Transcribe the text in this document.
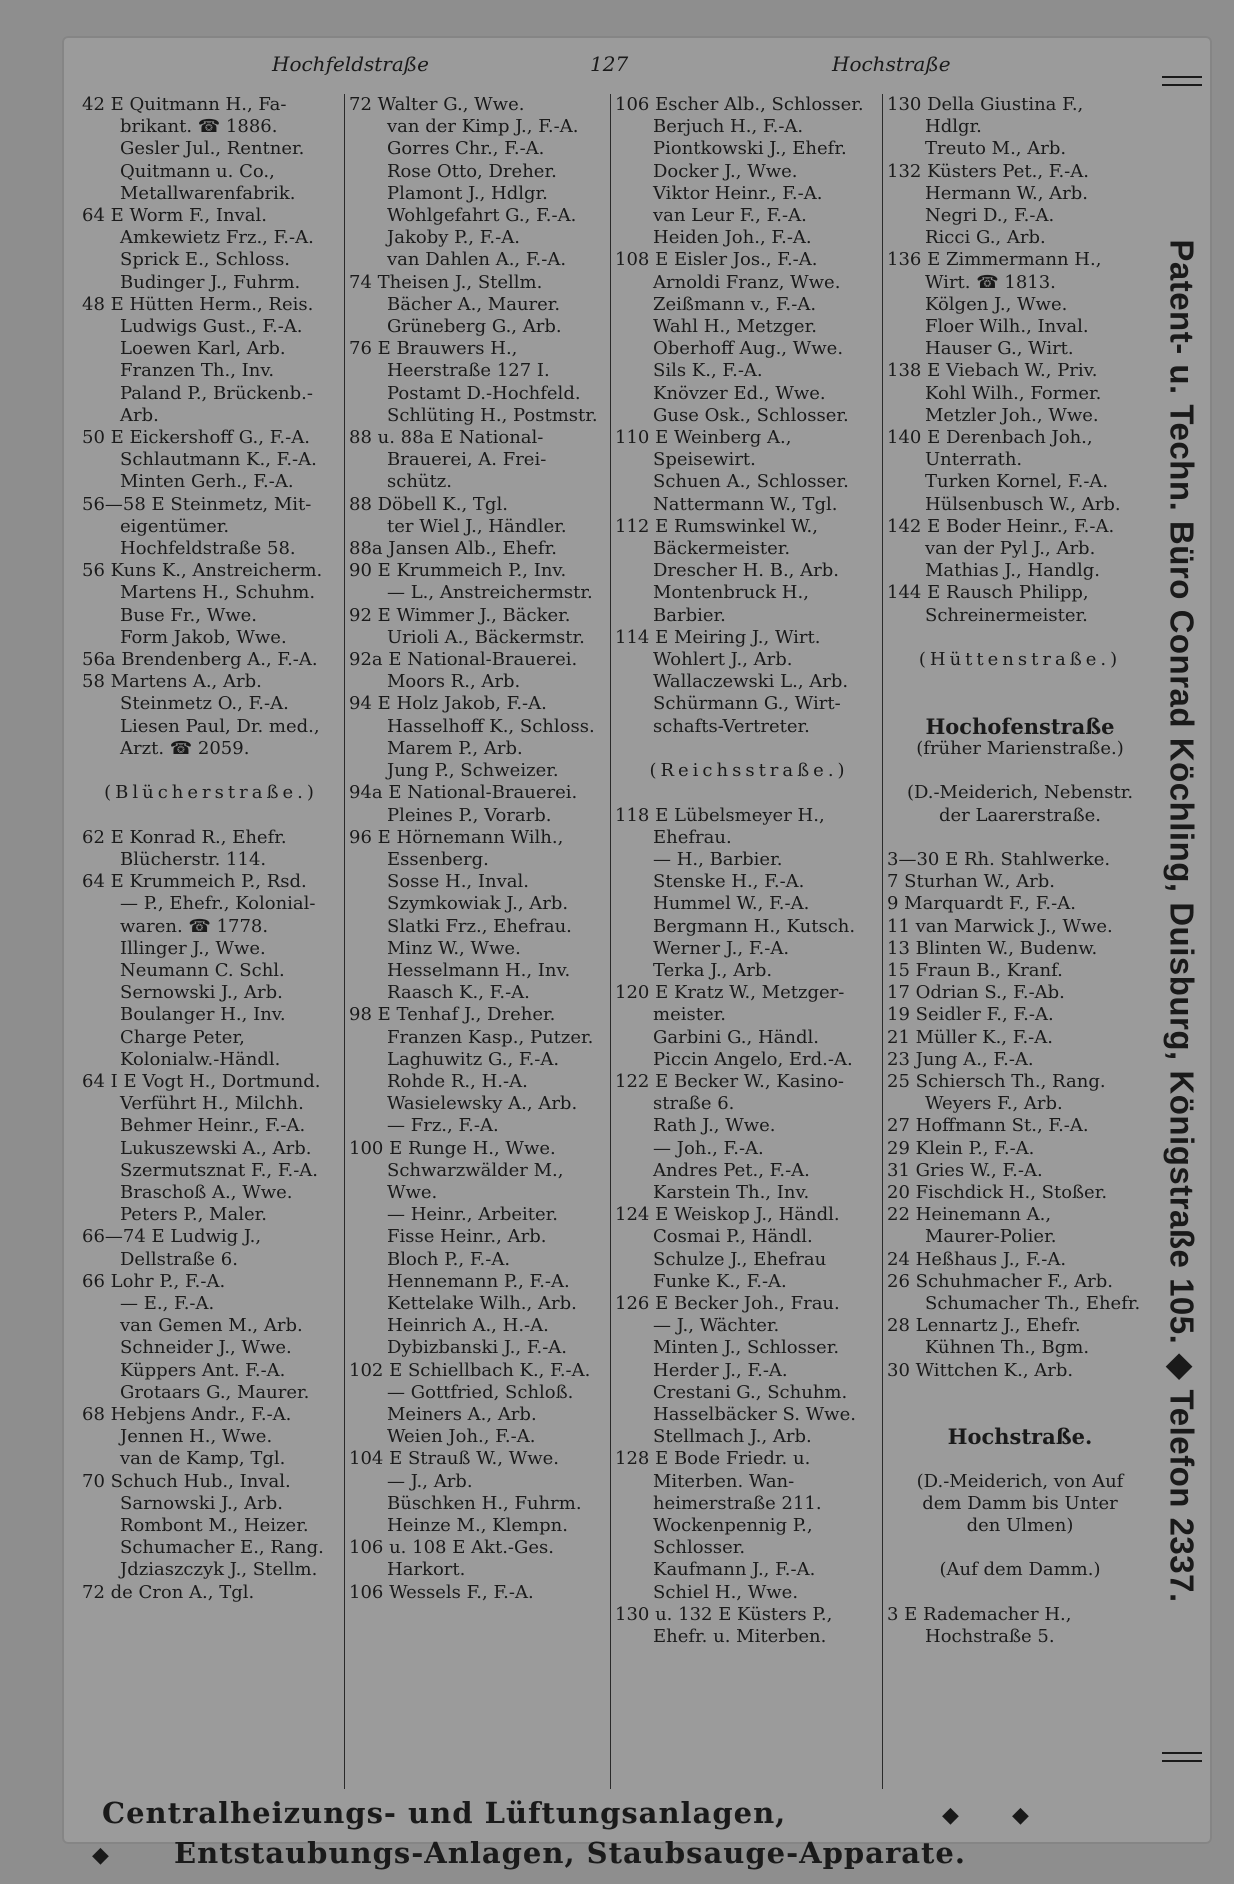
Hochfeldstraße	127	Hochstraße
42 E Quitmann H., Fa-
brikant. ☎ 1886.
Gesler Jul., Rentner.
Quitmann u. Co.,
Metallwarenfabrik.
64 E Worm F., Inval.
Amkewietz Frz., F.-A.
Sprick E., Schloss.
Budinger J., Fuhrm.
48 E Hütten Herm., Reis.
Ludwigs Gust., F.-A.
Loewen Karl, Arb.
Franzen Th., Inv.
Paland P., Brückenb.-
Arb.
50 E Eickershoff G., F.-A.
Schlautmann K., F.-A.
Minten Gerh., F.-A.
56—58 E Steinmetz, Mit-
eigentümer.
Hochfeldstraße 58.
56 Kuns K., Anstreicherm.
Martens H., Schuhm.
Buse Fr., Wwe.
Form Jakob, Wwe.
56a Brendenberg A., F.-A.
58 Martens A., Arb.
Steinmetz O., F.-A.
Liesen Paul, Dr. med.,
Arzt. ☎ 2059.

(Blücherstraße.)

62 E Konrad R., Ehefr.
Blücherstr. 114.
64 E Krummeich P., Rsd.
— P., Ehefr., Kolonial-
waren. ☎ 1778.
Illinger J., Wwe.
Neumann C. Schl.
Sernowski J., Arb.
Boulanger H., Inv.
Charge Peter,
Kolonialw.-Händl.
64 I E Vogt H., Dortmund.
Verführt H., Milchh.
Behmer Heinr., F.-A.
Lukuszewski A., Arb.
Szermutsznat F., F.-A.
Braschoß A., Wwe.
Peters P., Maler.
66—74 E Ludwig J.,
Dellstraße 6.
66 Lohr P., F.-A.
— E., F.-A.
van Gemen M., Arb.
Schneider J., Wwe.
Küppers Ant. F.-A.
Grotaars G., Maurer.
68 Hebjens Andr., F.-A.
Jennen H., Wwe.
van de Kamp, Tgl.
70 Schuch Hub., Inval.
Sarnowski J., Arb.
Rombont M., Heizer.
Schumacher E., Rang.
Jdziaszczyk J., Stellm.
72 de Cron A., Tgl.
72 Walter G., Wwe.
van der Kimp J., F.-A.
Gorres Chr., F.-A.
Rose Otto, Dreher.
Plamont J., Hdlgr.
Wohlgefahrt G., F.-A.
Jakoby P., F.-A.
van Dahlen A., F.-A.
74 Theisen J., Stellm.
Bächer A., Maurer.
Grüneberg G., Arb.
76 E Brauwers H.,
Heerstraße 127 I.
Postamt D.-Hochfeld.
Schlüting H., Postmstr.
88 u. 88a E National-
Brauerei, A. Frei-
schütz.
88 Döbell K., Tgl.
ter Wiel J., Händler.
88a Jansen Alb., Ehefr.
90 E Krummeich P., Inv.
— L., Anstreichermstr.
92 E Wimmer J., Bäcker.
Urioli A., Bäckermstr.
92a E National-Brauerei.
Moors R., Arb.
94 E Holz Jakob, F.-A.
Hasselhoff K., Schloss.
Marem P., Arb.
Jung P., Schweizer.
94a E National-Brauerei.
Pleines P., Vorarb.
96 E Hörnemann Wilh.,
Essenberg.
Sosse H., Inval.
Szymkowiak J., Arb.
Slatki Frz., Ehefrau.
Minz W., Wwe.
Hesselmann H., Inv.
Raasch K., F.-A.
98 E Tenhaf J., Dreher.
Franzen Kasp., Putzer.
Laghuwitz G., F.-A.
Rohde R., H.-A.
Wasielewsky A., Arb.
— Frz., F.-A.
100 E Runge H., Wwe.
Schwarzwälder M.,
Wwe.
— Heinr., Arbeiter.
Fisse Heinr., Arb.
Bloch P., F.-A.
Hennemann P., F.-A.
Kettelake Wilh., Arb.
Heinrich A., H.-A.
Dybizbanski J., F.-A.
102 E Schiellbach K., F.-A.
— Gottfried, Schloß.
Meiners A., Arb.
Weien Joh., F.-A.
104 E Strauß W., Wwe.
— J., Arb.
Büschken H., Fuhrm.
Heinze M., Klempn.
106 u. 108 E Akt.-Ges.
Harkort.
106 Wessels F., F.-A.
106 Escher Alb., Schlosser.
Berjuch H., F.-A.
Piontkowski J., Ehefr.
Docker J., Wwe.
Viktor Heinr., F.-A.
van Leur F., F.-A.
Heiden Joh., F.-A.
108 E Eisler Jos., F.-A.
Arnoldi Franz, Wwe.
Zeißmann v., F.-A.
Wahl H., Metzger.
Oberhoff Aug., Wwe.
Sils K., F.-A.
Knövzer Ed., Wwe.
Guse Osk., Schlosser.
110 E Weinberg A.,
Speisewirt.
Schuen A., Schlosser.
Nattermann W., Tgl.
112 E Rumswinkel W.,
Bäckermeister.
Drescher H. B., Arb.
Montenbruck H.,
Barbier.
114 E Meiring J., Wirt.
Wohlert J., Arb.
Wallaczewski L., Arb.
Schürmann G., Wirt-
schafts-Vertreter.

(Reichsstraße.)

118 E Lübelsmeyer H.,
Ehefrau.
— H., Barbier.
Stenske H., F.-A.
Hummel W., F.-A.
Bergmann H., Kutsch.
Werner J., F.-A.
Terka J., Arb.
120 E Kratz W., Metzger-
meister.
Garbini G., Händl.
Piccin Angelo, Erd.-A.
122 E Becker W., Kasino-
straße 6.
Rath J., Wwe.
— Joh., F.-A.
Andres Pet., F.-A.
Karstein Th., Inv.
124 E Weiskop J., Händl.
Cosmai P., Händl.
Schulze J., Ehefrau
Funke K., F.-A.
126 E Becker Joh., Frau.
— J., Wächter.
Minten J., Schlosser.
Herder J., F.-A.
Crestani G., Schuhm.
Hasselbäcker S. Wwe.
Stellmach J., Arb.
128 E Bode Friedr. u.
Miterben. Wan-
heimerstraße 211.
Wockenpennig P.,
Schlosser.
Kaufmann J., F.-A.
Schiel H., Wwe.
130 u. 132 E Küsters P.,
Ehefr. u. Miterben.
130 Della Giustina F.,
Hdlgr.
Treuto M., Arb.
132 Küsters Pet., F.-A.
Hermann W., Arb.
Negri D., F.-A.
Ricci G., Arb.
136 E Zimmermann H.,
Wirt. ☎ 1813.
Kölgen J., Wwe.
Floer Wilh., Inval.
Hauser G., Wirt.
138 E Viebach W., Priv.
Kohl Wilh., Former.
Metzler Joh., Wwe.
140 E Derenbach Joh.,
Unterrath.
Turken Kornel, F.-A.
Hülsenbusch W., Arb.
142 E Boder Heinr., F.-A.
van der Pyl J., Arb.
Mathias J., Handlg.
144 E Rausch Philipp,
Schreinermeister.

(Hüttenstraße.)

Hochofenstraße
(früher Marienstraße.)

(D.-Meiderich, Nebenstr.
der Laarerstraße.

3—30 E Rh. Stahlwerke.
7 Sturhan W., Arb.
9 Marquardt F., F.-A.
11 van Marwick J., Wwe.
13 Blinten W., Budenw.
15 Fraun B., Kranf.
17 Odrian S., F.-Ab.
19 Seidler F., F.-A.
21 Müller K., F.-A.
23 Jung A., F.-A.
25 Schiersch Th., Rang.
Weyers F., Arb.
27 Hoffmann St., F.-A.
29 Klein P., F.-A.
31 Gries W., F.-A.
20 Fischdick H., Stoßer.
22 Heinemann A.,
Maurer-Polier.
24 Heßhaus J., F.-A.
26 Schuhmacher F., Arb.
Schumacher Th., Ehefr.
28 Lennartz J., Ehefr.
Kühnen Th., Bgm.
30 Wittchen K., Arb.

Hochstraße.

(D.-Meiderich, von Auf
dem Damm bis Unter
den Ulmen)

(Auf dem Damm.)

3 E Rademacher H.,
Hochstraße 5.
Patent- u. Techn. Büro Conrad Köchling, Duisburg, Königstraße 105. ◆ Telefon 2337.
Centralheizungs- und Lüftungsanlagen,	◆ ◆
◆ Entstaubungs-Anlagen, Staubsauge-Apparate.
